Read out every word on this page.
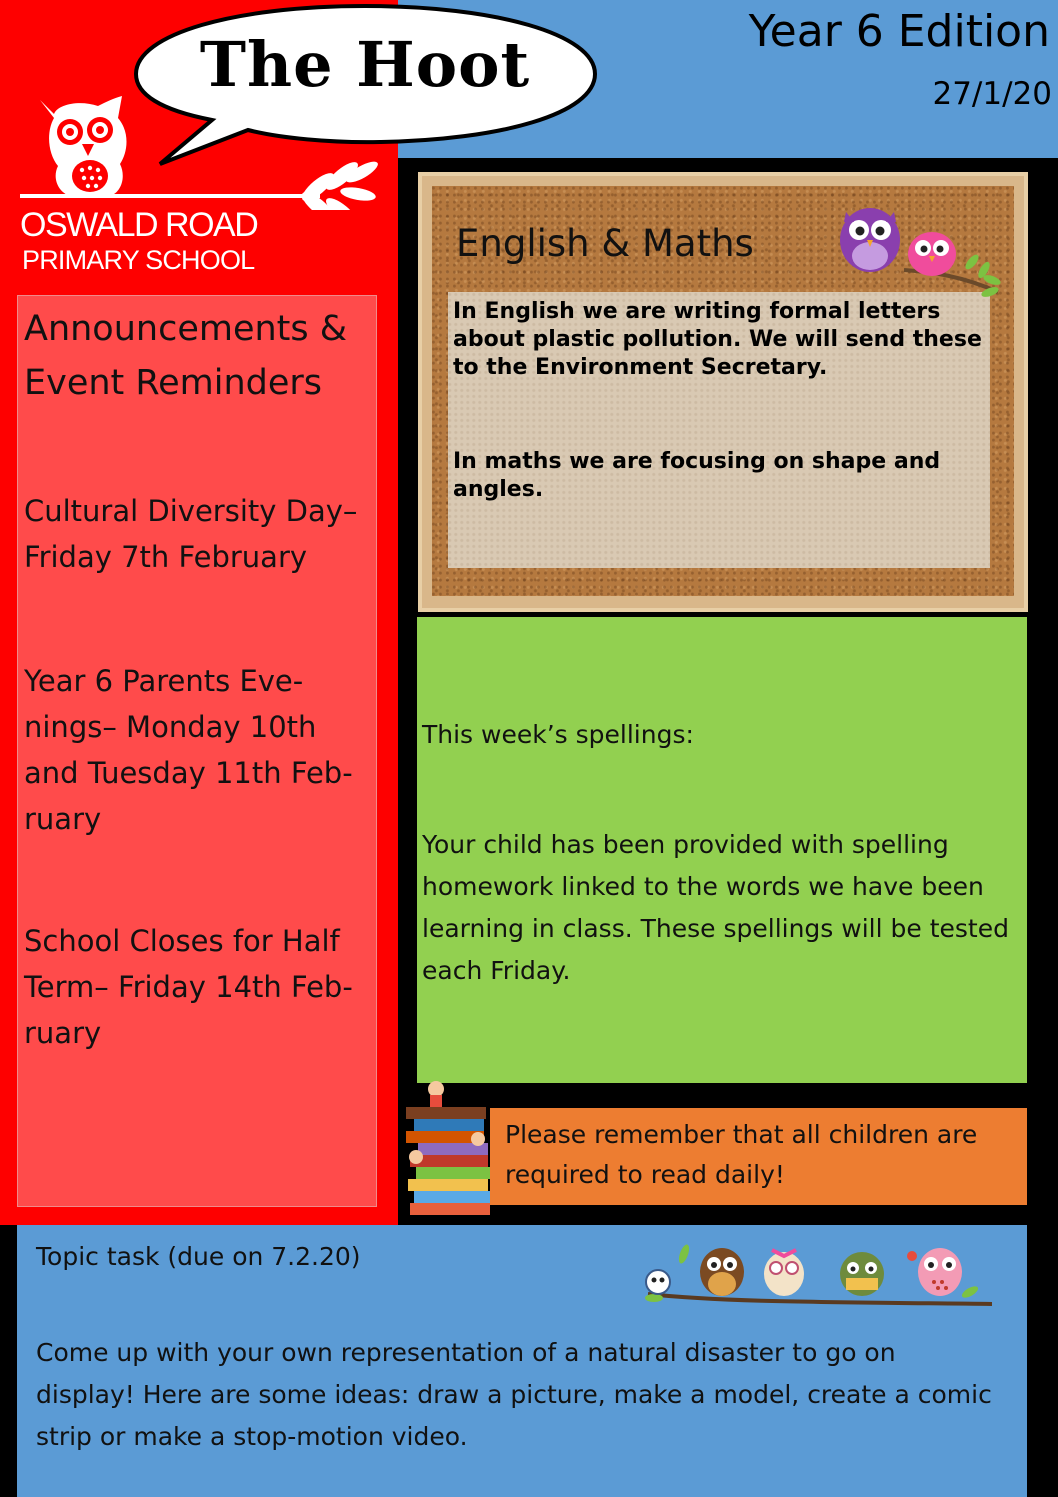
The Hoot	Year 6 Edition
27/1/20
OSWALD ROAD
PRIMARY SCHOOL
Announcements & Event Reminders
Cultural Diversity Day– Friday 7th February
Year 6 Parents Eve-nings– Monday 10th and Tuesday 11th Feb-ruary
School Closes for Half Term– Friday 14th Feb-ruary
English & Maths
In English we are writing formal letters about plastic pollution. We will send these to the Environment Secretary.
In maths we are focusing on shape and angles.
This week’s spellings:
Your child has been provided with spelling homework linked to the words we have been learning in class. These spellings will be tested each Friday.
Please remember that all children are required to read daily!
Topic task (due on 7.2.20)
Come up with your own representation of a natural disaster to go on display! Here are some ideas: draw a picture, make a model, create a comic strip or make a stop-motion video.
